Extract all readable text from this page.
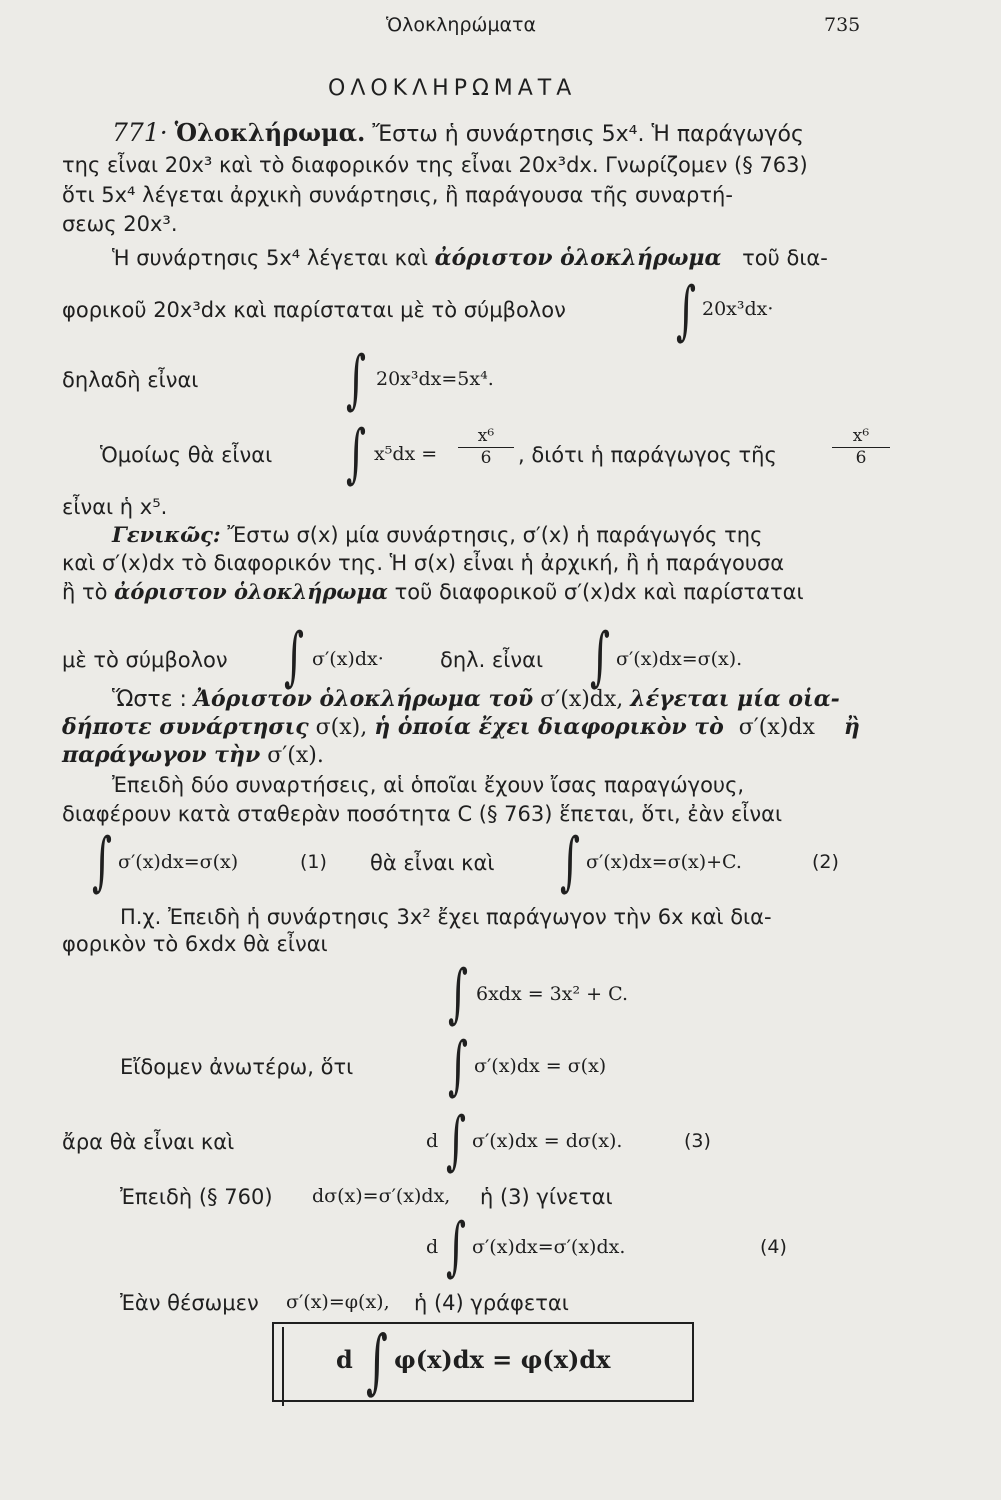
Ὁλοκληρώματα	735
ΟΛΟΚΛΗΡΩΜΑΤΑ
771· Ὁλοκλήρωμα. Ἔστω ἡ συνάρτησις 5x⁴. Ἡ παράγωγός
της εἶναι 20x³ καὶ τὸ διαφορικόν της εἶναι 20x³dx. Γνωρίζομεν (§ 763)
ὅτι 5x⁴ λέγεται ἀρχικὴ συνάρτησις, ἢ παράγουσα τῆς συναρτή-
σεως 20x³.
Ἡ συνάρτησις 5x⁴ λέγεται καὶ ἀόριστον ὁλοκλήρωμα τοῦ δια-
φορικοῦ 20x³dx καὶ παρίσταται μὲ τὸ σύμβολον ∫ 20x³dx·
δηλαδὴ εἶναι ∫ 20x³dx=5x⁴.
Ὁμοίως θὰ εἶναι ∫ x⁵dx =
x⁶
6	, διότι ἡ παράγωγος τῆς
x⁶
6
εἶναι ἡ x⁵.
Γενικῶς: Ἔστω σ(x) μία συνάρτησις, σ′(x) ἡ παράγωγός της
καὶ σ′(x)dx τὸ διαφορικόν της. Ἡ σ(x) εἶναι ἡ ἀρχική, ἢ ἡ παράγουσα
ἢ τὸ ἀόριστον ὁλοκλήρωμα τοῦ διαφορικοῦ σ′(x)dx καὶ παρίσταται
μὲ τὸ σύμβολον ∫ σ′(x)dx·	δηλ. εἶναι ∫ σ′(x)dx=σ(x).
Ὥστε : Ἀόριστον ὁλοκλήρωμα τοῦ σ′(x)dx, λέγεται μία οἱα-
δήποτε συνάρτησις σ(x), ἡ ὁποία ἔχει διαφορικὸν τὸ σ′(x)dx ἢ
παράγωγον τὴν σ′(x).
Ἐπειδὴ δύο συναρτήσεις, αἱ ὁποῖαι ἔχουν ἴσας παραγώγους,
διαφέρουν κατὰ σταθερὰν ποσότητα C (§ 763) ἕπεται, ὅτι, ἐὰν εἶναι
∫ σ′(x)dx=σ(x)	(1) θὰ εἶναι καὶ ∫ σ′(x)dx=σ(x)+C.	(2)
Π.χ. Ἐπειδὴ ἡ συνάρτησις 3x² ἔχει παράγωγον τὴν 6x καὶ δια-
φορικὸν τὸ 6xdx θὰ εἶναι
∫ 6xdx = 3x² + C.
Εἴδομεν ἀνωτέρω, ὅτι ∫ σ′(x)dx = σ(x)
ἄρα θὰ εἶναι καὶ	d ∫ σ′(x)dx = dσ(x).	(3)
Ἐπειδὴ (§ 760) dσ(x)=σ′(x)dx, ἡ (3) γίνεται
d ∫ σ′(x)dx=σ′(x)dx.	(4)
Ἐὰν θέσωμεν σ′(x)=φ(x), ἡ (4) γράφεται
d ∫ φ(x)dx = φ(x)dx
